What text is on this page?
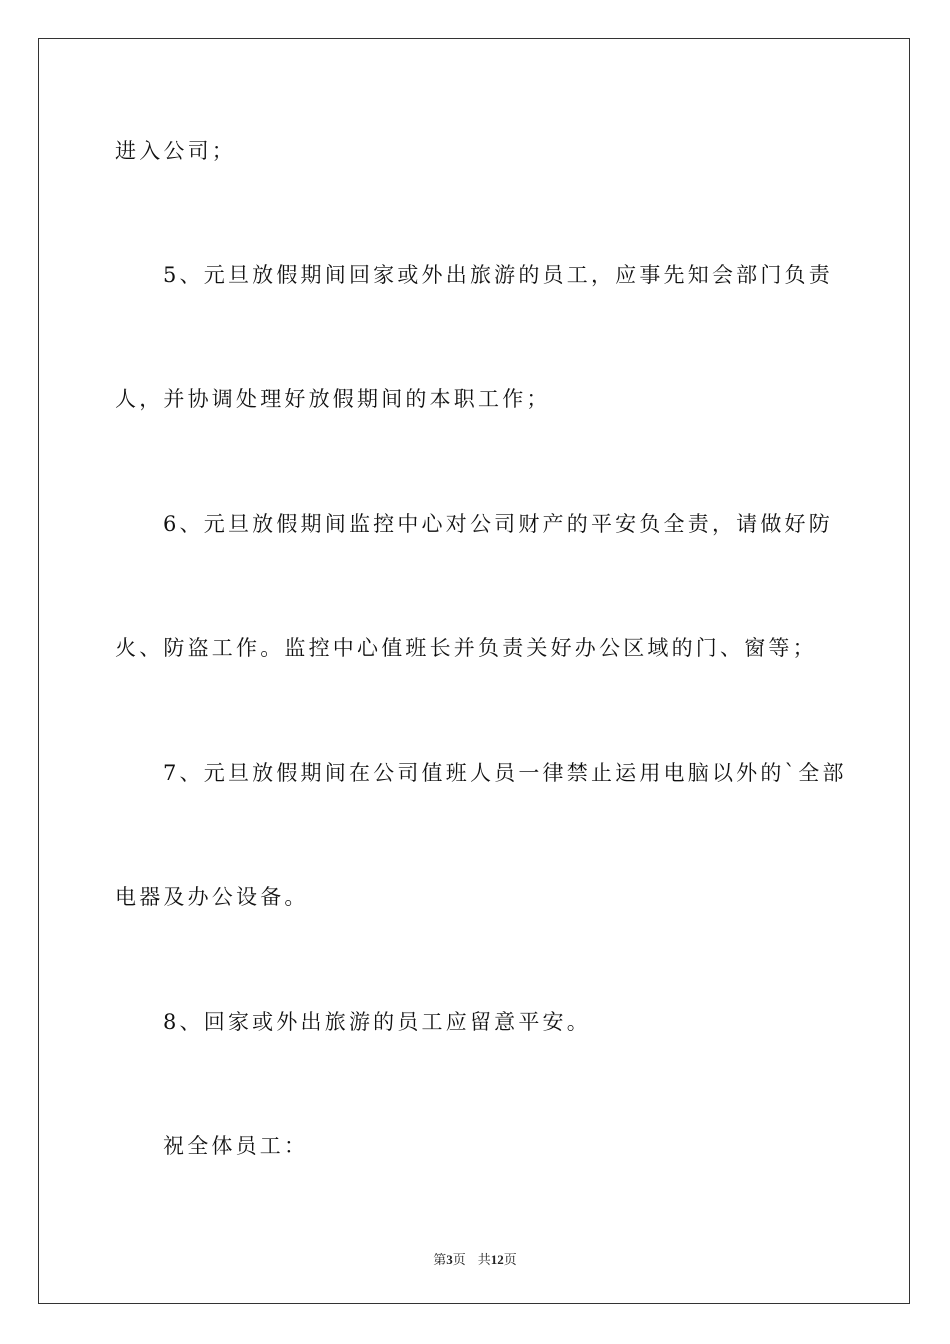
进入公司；
5、元旦放假期间回家或外出旅游的员工，应事先知会部门负责
人，并协调处理好放假期间的本职工作；
6、元旦放假期间监控中心对公司财产的平安负全责，请做好防
火、防盗工作。监控中心值班长并负责关好办公区域的门、窗等；
7、元旦放假期间在公司值班人员一律禁止运用电脑以外的`全部
电器及办公设备。
8、回家或外出旅游的员工应留意平安。
祝全体员工：
第3页 共12页
